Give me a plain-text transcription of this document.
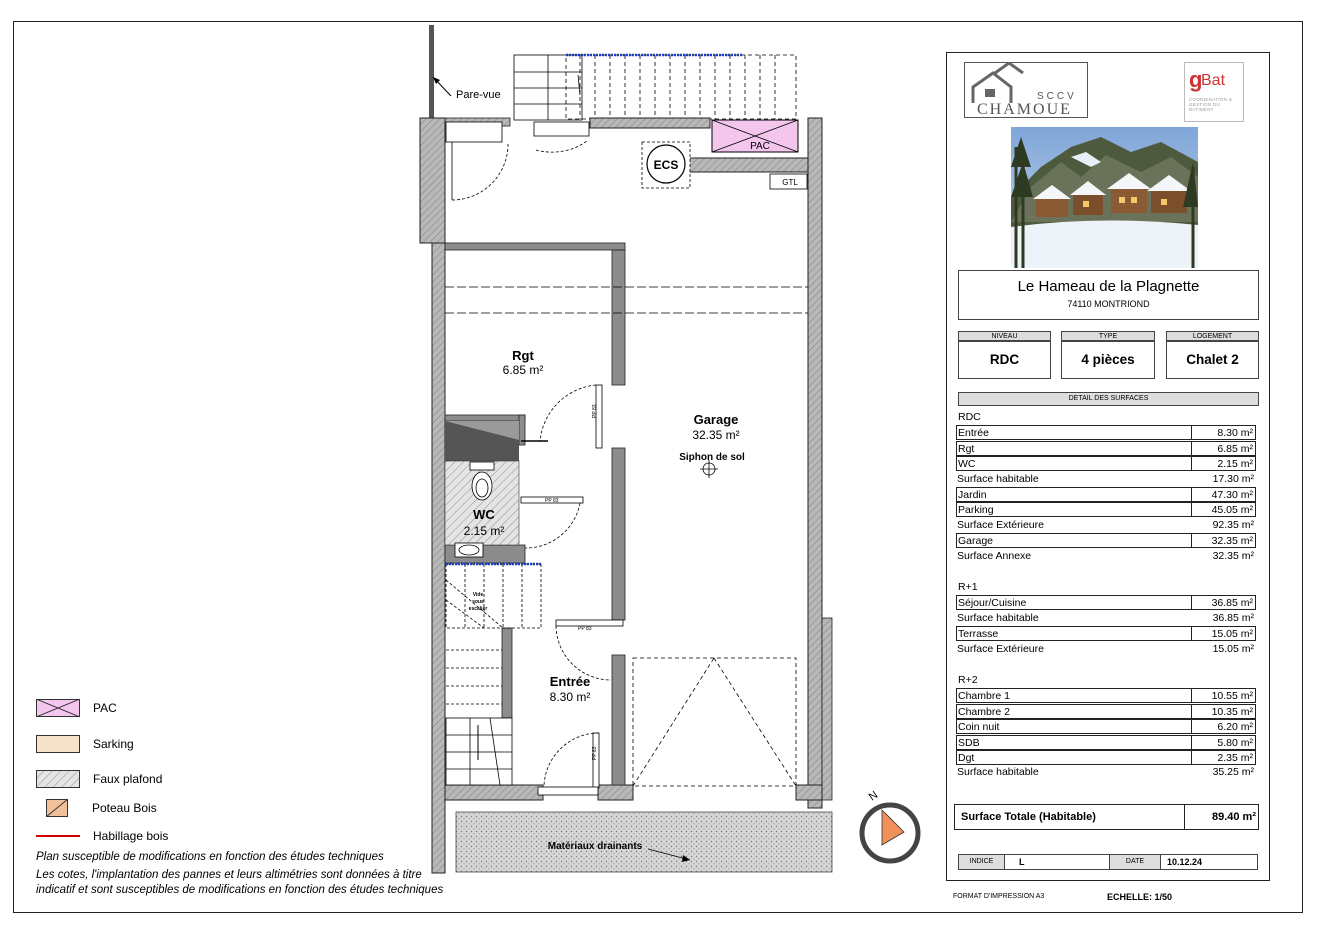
Pare-vue
PAC
ECS
GTL
PP 83
PP 83
PP 83
PP 83
Vide
sous
escalier
Matériaux drainants
Rgt
6.85 m²
Garage
32.35 m²
Siphon de sol
WC
2.15 m²
Entrée
8.30 m²
N
PAC
Sarking
Faux plafond
Poteau Bois
Habillage bois
Plan susceptible de modifications en fonction des études techniques
Les cotes, l'implantation des pannes et leurs altimétries sont données à titre
indicatif et sont susceptibles de modifications en fonction des études techniques
SCCV
CHAMOUE
g
Bat
COORDINATION & GESTION DU BATIMENT
Le Hameau de la Plagnette
74110 MONTRIOND
NIVEAU
RDC
TYPE
4 pièces
LOGEMENT
Chalet 2
DETAIL DES SURFACES
RDC
Entrée	8.30 m²
Rgt	6.85 m²
WC	2.15 m²
Surface habitable	17.30 m²
Jardin	47.30 m²
Parking	45.05 m²
Surface Extérieure	92.35 m²
Garage	32.35 m²
Surface Annexe	32.35 m²
R+1
Séjour/Cuisine	36.85 m²
Surface habitable	36.85 m²
Terrasse	15.05 m²
Surface Extérieure	15.05 m²
R+2
Chambre 1	10.55 m²
Chambre 2	10.35 m²
Coin nuit	6.20 m²
SDB	5.80 m²
Dgt	2.35 m²
Surface habitable	35.25 m²
Surface Totale (Habitable)	89.40 m²
INDICE	L	DATE	10.12.24
FORMAT D'IMPRESSION A3	ECHELLE: 1/50
